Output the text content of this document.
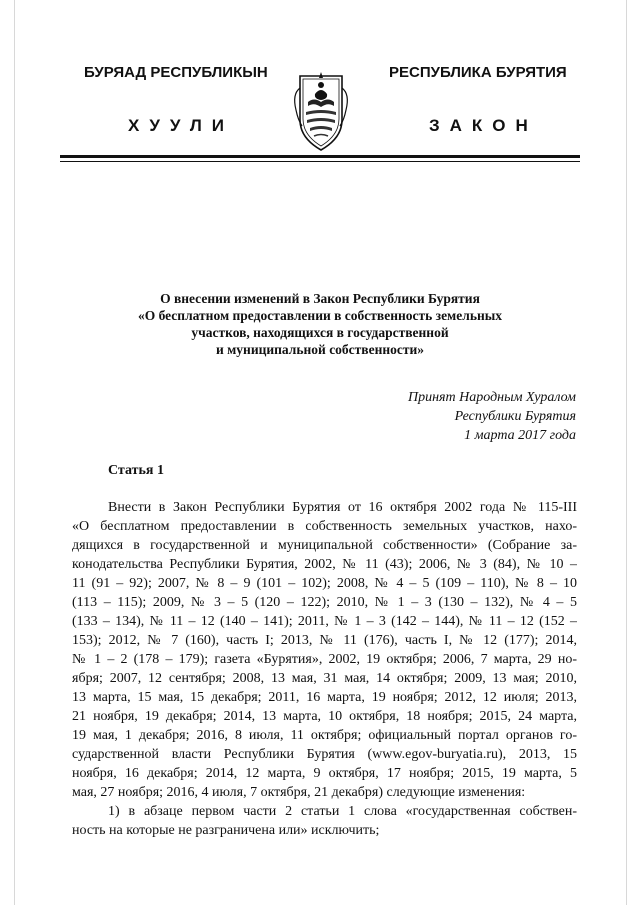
БУРЯАД РЕСПУБЛИКЫН	РЕСПУБЛИКА БУРЯТИЯ
ХУУЛИ	ЗАКОН
О внесении изменений в Закон Республики Бурятия
«О бесплатном предоставлении в собственность земельных
участков, находящихся в государственной
и муниципальной собственности»
Принят Народным Хуралом
Республики Бурятия
1 марта 2017 года
Статья 1
Внести в Закон Республики Бурятия от 16 октября 2002 года № 115-III
«О бесплатном предоставлении в собственность земельных участков, нахо-
дящихся в государственной и муниципальной собственности» (Собрание за-
конодательства Республики Бурятия, 2002, № 11 (43); 2006, № 3 (84), № 10 –
11 (91 – 92); 2007, № 8 – 9 (101 – 102); 2008, № 4 – 5 (109 – 110), № 8 – 10
(113 – 115); 2009, № 3 – 5 (120 – 122); 2010, № 1 – 3 (130 – 132), № 4 – 5
(133 – 134), № 11 – 12 (140 – 141); 2011, № 1 – 3 (142 – 144), № 11 – 12 (152 –
153); 2012, № 7 (160), часть I; 2013, № 11 (176), часть I, № 12 (177); 2014,
№ 1 – 2 (178 – 179); газета «Бурятия», 2002, 19 октября; 2006, 7 марта, 29 но-
ября; 2007, 12 сентября; 2008, 13 мая, 31 мая, 14 октября; 2009, 13 мая; 2010,
13 марта, 15 мая, 15 декабря; 2011, 16 марта, 19 ноября; 2012, 12 июля; 2013,
21 ноября, 19 декабря; 2014, 13 марта, 10 октября, 18 ноября; 2015, 24 марта,
19 мая, 1 декабря; 2016, 8 июля, 11 октября; официальный портал органов го-
сударственной власти Республики Бурятия (www.egov-buryatia.ru), 2013, 15
ноября, 16 декабря; 2014, 12 марта, 9 октября, 17 ноября; 2015, 19 марта, 5
мая, 27 ноября; 2016, 4 июля, 7 октября, 21 декабря) следующие изменения:
1) в абзаце первом части 2 статьи 1 слова «государственная собствен-
ность на которые не разграничена или» исключить;
